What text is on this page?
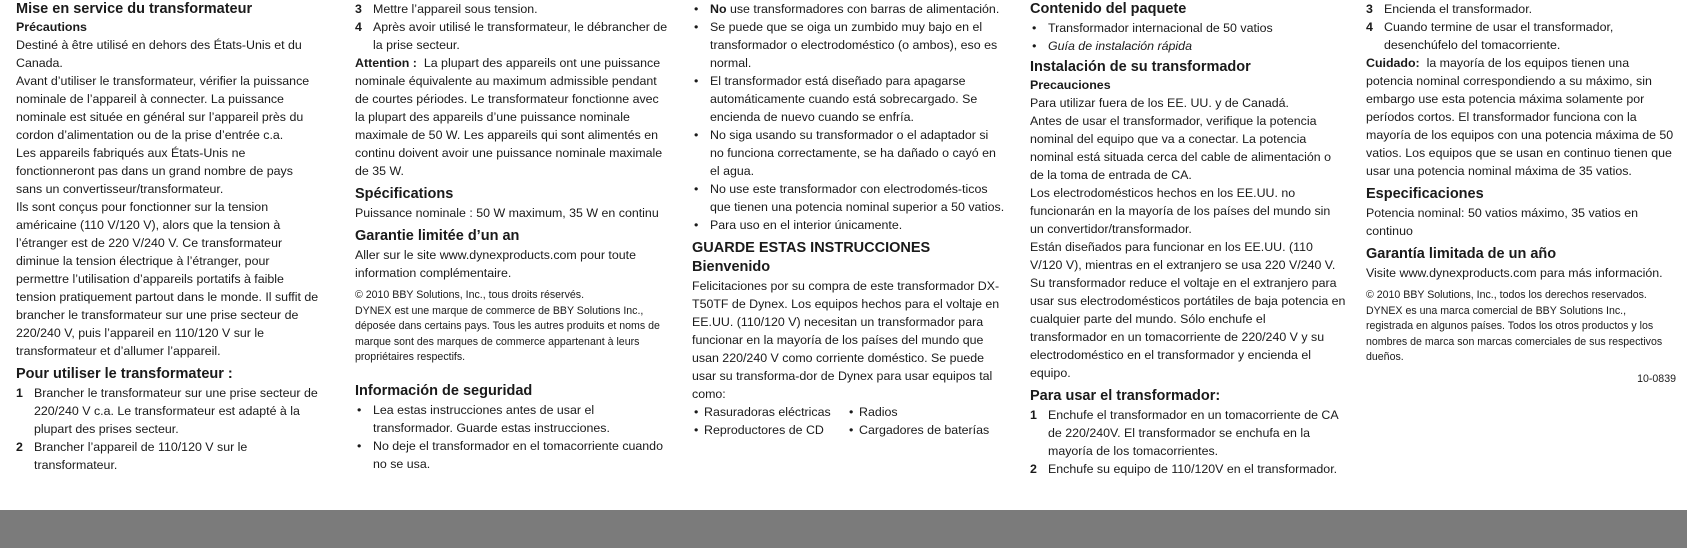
Mise en service du transformateur

Précautions

Destiné à être utilisé en dehors des États-Unis et du Canada.

Avant d’utiliser le transformateur, vérifier la puissance nominale de l’appareil à connecter. La puissance nominale est située en général sur l’appareil près du cordon d’alimentation ou de la prise d’entrée c.a.

Les appareils fabriqués aux États-Unis ne fonctionneront pas dans un grand nombre de pays sans un convertisseur/transformateur.

Ils sont conçus pour fonctionner sur la tension américaine (110 V/120 V), alors que la tension à l’étranger est de 220 V/240 V. Ce transformateur diminue la tension électrique à l’étranger, pour permettre l’utilisation d’appareils portatifs à faible tension pratiquement partout dans le monde. Il suffit de brancher le transformateur sur une prise secteur de 220/240 V, puis l’appareil en 110/120 V sur le transformateur et d’allumer l’appareil.

Pour utiliser le transformateur :

1 Brancher le transformateur sur une prise secteur de 220/240 V c.a. Le transformateur est adapté à la plupart des prises secteur.
2 Brancher l’appareil de 110/120 V sur le transformateur.
3 Mettre l’appareil sous tension.
4 Après avoir utilisé le transformateur, le débrancher de la prise secteur.

Attention : La plupart des appareils ont une puissance nominale équivalente au maximum admissible pendant de courtes périodes. Le transformateur fonctionne avec la plupart des appareils d’une puissance nominale maximale de 50 W. Les appareils qui sont alimentés en continu doivent avoir une puissance nominale maximale de 35 W.

Spécifications

Puissance nominale : 50 W maximum, 35 W en continu

Garantie limitée d’un an

Aller sur le site www.dynexproducts.com pour toute information complémentaire.

© 2010 BBY Solutions, Inc., tous droits réservés.

DYNEX est une marque de commerce de BBY Solutions Inc., déposée dans certains pays. Tous les autres produits et noms de marque sont des marques de commerce appartenant à leurs propriétaires respectifs.

Información de seguridad

• Lea estas instrucciones antes de usar el transformador. Guarde estas instrucciones.
• No deje el transformador en el tomacorriente cuando no se usa.
• No use transformadores con barras de alimentación.
• Se puede que se oiga un zumbido muy bajo en el transformador o electrodoméstico (o ambos), eso es normal.
• El transformador está diseñado para apagarse automáticamente cuando está sobrecargado. Se encienda de nuevo cuando se enfría.
• No siga usando su transformador o el adaptador si no funciona correctamente, se ha dañado o cayó en el agua.
• No use este transformador con electrodomés-ticos que tienen una potencia nominal superior a 50 vatios.
• Para uso en el interior únicamente.

GUARDE ESTAS INSTRUCCIONES

Bienvenido

Felicitaciones por su compra de este transformador DX-T50TF de Dynex. Los equipos hechos para el voltaje en EE.UU. (110/120 V) necesitan un transformador para funcionar en la mayoría de los países del mundo que usan 220/240 V como corriente doméstico. Se puede usar su transforma-dor de Dynex para usar equipos tal como:

• Rasuradoras eléctricas
• Reproductores de CD
• Radios
• Cargadores de baterías

Contenido del paquete

• Transformador internacional de 50 vatios
• Guía de instalación rápida

Instalación de su transformador

Precauciones

Para utilizar fuera de los EE. UU. y de Canadá.

Antes de usar el transformador, verifique la potencia nominal del equipo que va a conectar. La potencia nominal está situada cerca del cable de alimentación o de la toma de entrada de CA.

Los electrodomésticos hechos en los EE.UU. no funcionarán en la mayoría de los países del mundo sin un convertidor/transformador.

Están diseñados para funcionar en los EE.UU. (110 V/120 V), mientras en el extranjero se usa 220 V/240 V. Su transformador reduce el voltaje en el extranjero para usar sus electrodomésticos portátiles de baja potencia en cualquier parte del mundo. Sólo enchufe el transformador en un tomacorriente de 220/240 V y su electrodoméstico en el transformador y encienda el equipo.

Para usar el transformador:

1 Enchufe el transformador en un tomacorriente de CA de 220/240V. El transformador se enchufa en la mayoría de los tomacorrientes.
2 Enchufe su equipo de 110/120V en el transformador.
3 Encienda el transformador.
4 Cuando termine de usar el transformador, desenchúfelo del tomacorriente.

Cuidado: la mayoría de los equipos tienen una potencia nominal correspondiendo a su máximo, sin embargo use esta potencia máxima solamente por períodos cortos. El transformador funciona con la mayoría de los equipos con una potencia máxima de 50 vatios. Los equipos que se usan en continuo tienen que usar una potencia nominal máxima de 35 vatios.

Especificaciones

Potencia nominal: 50 vatios máximo, 35 vatios en continuo

Garantía limitada de un año

Visite www.dynexproducts.com para más información.

© 2010 BBY Solutions, Inc., todos los derechos reservados.

DYNEX es una marca comercial de BBY Solutions Inc., registrada en algunos países. Todos los otros productos y los nombres de marca son marcas comerciales de sus respectivos dueños.

10-0839
